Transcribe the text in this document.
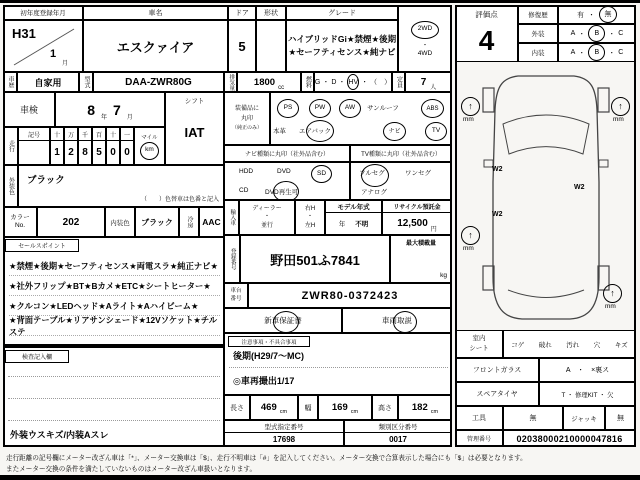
初年度登録年月
H31
1
月
車名
エスクァイア
ドア
5
形状	グレード
ハイブリッドGi★禁煙★後期
★セーフティセンス★純ナビ
2WD
・
4WD
車歴 自家用	型式	DAA-ZWR80G	排気量 1800
cc	燃料 G ・ D ・ HV ・ （　） 定員 7
人
車検	8
年
7
月
シフト
IAT
走行
記号 十
1
万
2
千
8
百
5
十
0
一
0
マイル
km
外装色 ブラック
（　　）色替車は色番と記入
カラー
No.	202	内装色 ブラック 冷房 AAC
セールスポイント
★禁煙★後期★セーフティセンス★両電スラ★純正ナビ★
★社外フリップ★BT★Bカメ★ETC★シートヒーター★
★クルコン★LEDヘッド★Aライト★Aハイビーム★
★背面テーブル★リアサンシェード★12Vソケット★チルステ
検査記入欄
外装ウスキズ/内装Aスレ
装備品に
丸印
（純正のみ）
PS	PW	AW サンルーフ	ABS
本革 エアバック	ナビ	TV
ナビ種類に丸印（社外品含む）	TV種類に丸印（社外品含む）
HDD	DVD	SD
CD	DVD再生可
フルセグ	ワンセグ
アナログ
輸入車
ディーラー
・
並行
右H
・
左H
モデル年式
年 不明
リサイクル預託金
12,500
円
登録番号	野田501ふ7841
最大積載量
kg
車台
番号	ZWR80-0372423
新車 保証 書	車両 取説
注意事項・不具合事項
後期(H29/7～MC)
◎車再撮出1/17
長さ 469 cm
幅 169 cm
高さ 182 cm
型式指定番号
17698
類別区分番号
0017
評価点
4
修復歴	有 ・ 無
外装	A ・ B ・ C
内装	A ・ B ・ C
↑
mm
↑
mm
↑
mm
↑
mm
W2
W2
W2
室内
シート	コゲ 破れ 汚れ 穴 キズ
フロントガラス	A　・　×裏ス
スペアタイヤ	T ・ 修理KIT ・ 欠
工具	無	ジャッキ	無
管理番号	02038000210000047816
走行距離の記号欄にメーター改ざん車は「*」、メーター交換車は「$」、走行不明車は「#」を記入してください。メーター交換で合算表示した場合にも「$」は必要となります。
またメーター交換の条件を満たしていないものはメーター改ざん車扱いとなります。
